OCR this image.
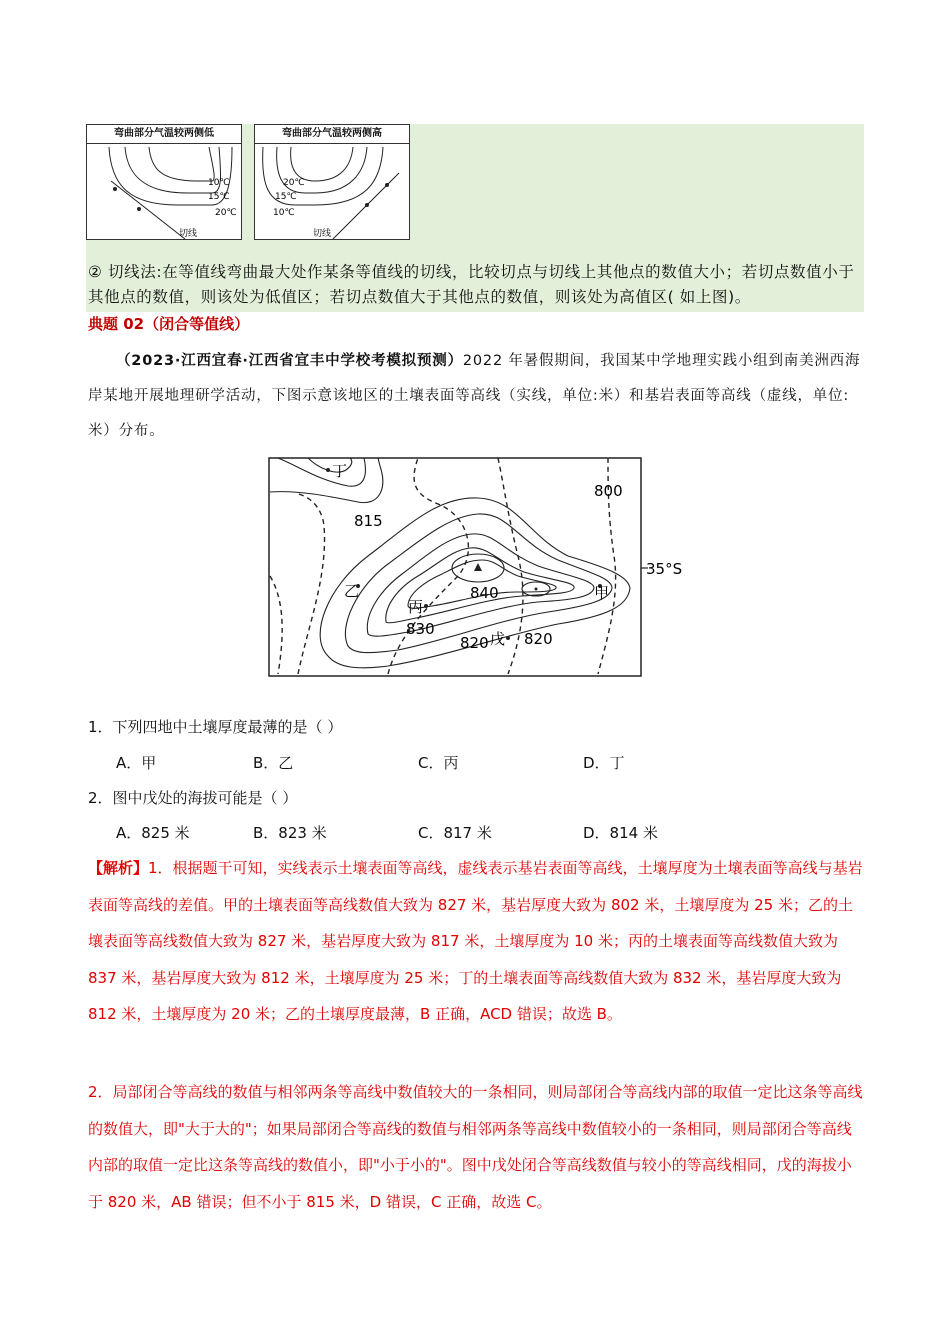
弯曲部分气温较两侧低
10℃
15℃
20℃
切线
弯曲部分气温较两侧高
20℃
15℃
10℃
切线
② 切线法:在等值线弯曲最大处作某条等值线的切线，比较切点与切线上其他点的数值大小；若切点数值小于其他点的数值，则该处为低值区；若切点数值大于其他点的数值，则该处为高值区( 如上图)。
典题 02（闭合等值线）
（2023·江西宜春·江西省宜丰中学校考模拟预测）2022 年暑假期间，我国某中学地理实践小组到南美洲西海岸某地开展地理研学活动，下图示意该地区的土壤表面等高线（实线，单位:米）和基岩表面等高线（虚线，单位:米）分布。
丁
乙
丙
甲
戊
815
800
840
830
820 820
35°S
1．下列四地中土壤厚度最薄的是（ ）
A．甲	B．乙	C．丙	D．丁
2．图中戊处的海拔可能是（ ）
A．825 米	B．823 米	C．817 米	D．814 米
【解析】1．根据题干可知，实线表示土壤表面等高线，虚线表示基岩表面等高线，土壤厚度为土壤表面等高线与基岩表面等高线的差值。甲的土壤表面等高线数值大致为 827 米，基岩厚度大致为 802 米，土壤厚度为 25 米；乙的土壤表面等高线数值大致为 827 米，基岩厚度大致为 817 米，土壤厚度为 10 米；丙的土壤表面等高线数值大致为 837 米，基岩厚度大致为 812 米，土壤厚度为 25 米；丁的土壤表面等高线数值大致为 832 米，基岩厚度大致为 812 米，土壤厚度为 20 米；乙的土壤厚度最薄，B 正确，ACD 错误；故选 B。
2．局部闭合等高线的数值与相邻两条等高线中数值较大的一条相同，则局部闭合等高线内部的取值一定比这条等高线的数值大，即"大于大的"；如果局部闭合等高线的数值与相邻两条等高线中数值较小的一条相同，则局部闭合等高线内部的取值一定比这条等高线的数值小，即"小于小的"。图中戊处闭合等高线数值与较小的等高线相同，戊的海拔小于 820 米，AB 错误；但不小于 815 米，D 错误，C 正确，故选 C。
